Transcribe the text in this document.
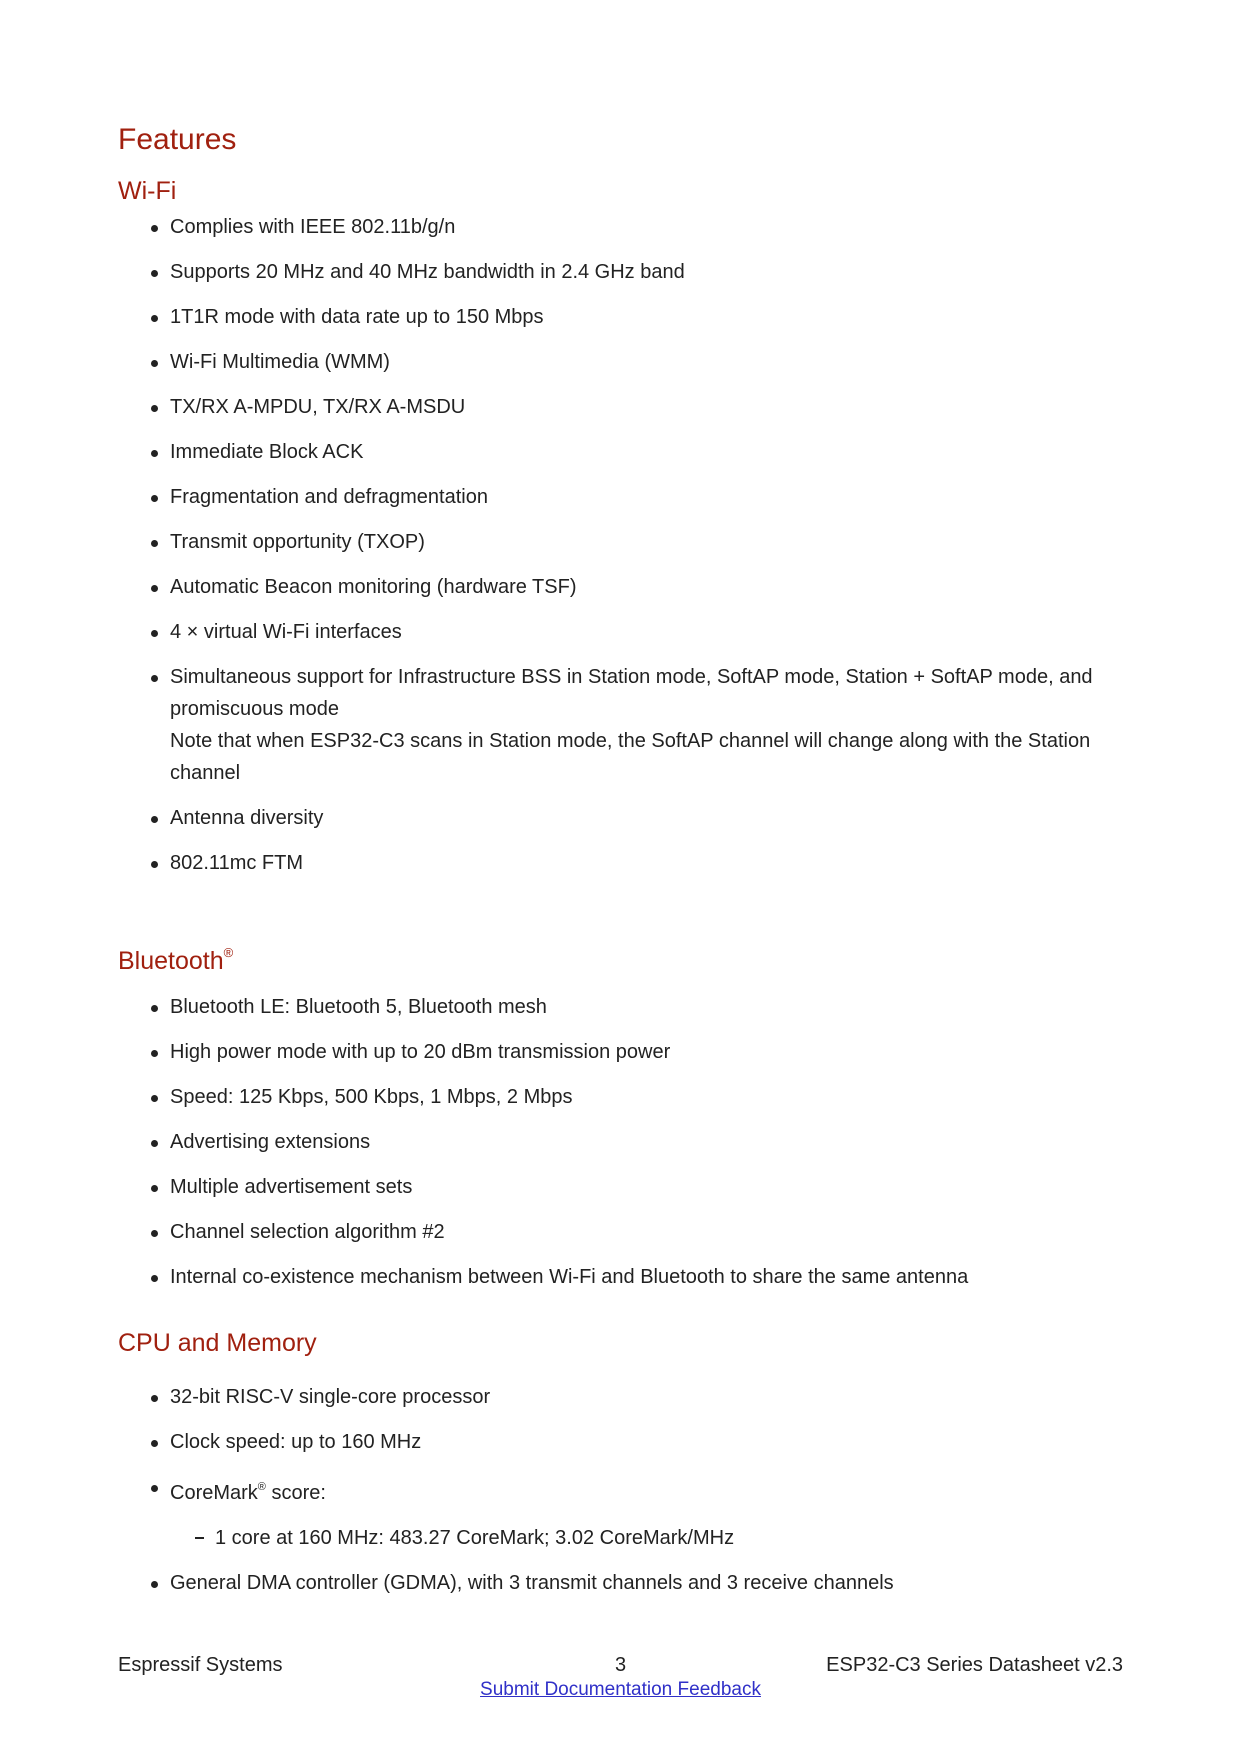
Features
Wi-Fi
Complies with IEEE 802.11b/g/n
Supports 20 MHz and 40 MHz bandwidth in 2.4 GHz band
1T1R mode with data rate up to 150 Mbps
Wi-Fi Multimedia (WMM)
TX/RX A-MPDU, TX/RX A-MSDU
Immediate Block ACK
Fragmentation and defragmentation
Transmit opportunity (TXOP)
Automatic Beacon monitoring (hardware TSF)
4 × virtual Wi-Fi interfaces
Simultaneous support for Infrastructure BSS in Station mode, SoftAP mode, Station + SoftAP mode, and promiscuous mode
Note that when ESP32-C3 scans in Station mode, the SoftAP channel will change along with the Station channel
Antenna diversity
802.11mc FTM
Bluetooth®
Bluetooth LE: Bluetooth 5, Bluetooth mesh
High power mode with up to 20 dBm transmission power
Speed: 125 Kbps, 500 Kbps, 1 Mbps, 2 Mbps
Advertising extensions
Multiple advertisement sets
Channel selection algorithm #2
Internal co-existence mechanism between Wi-Fi and Bluetooth to share the same antenna
CPU and Memory
32-bit RISC-V single-core processor
Clock speed: up to 160 MHz
CoreMark® score:
1 core at 160 MHz: 483.27 CoreMark; 3.02 CoreMark/MHz
General DMA controller (GDMA), with 3 transmit channels and 3 receive channels
Espressif Systems	3	ESP32-C3 Series Datasheet v2.3
Submit Documentation Feedback
